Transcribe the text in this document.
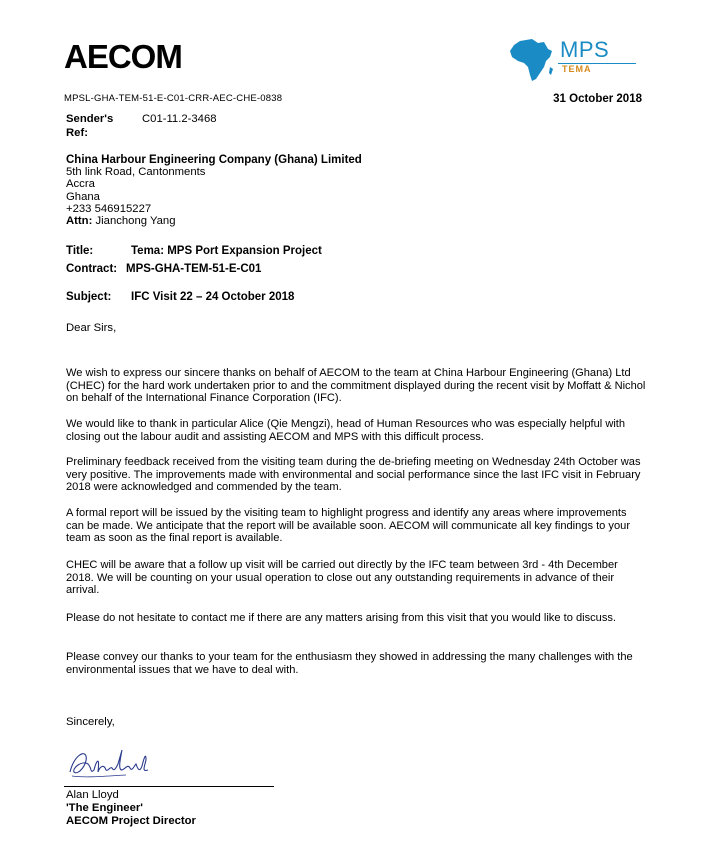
AECOM	MPS
TEMA
MPSL-GHA-TEM-51-E-C01-CRR-AEC-CHE-0838	31 October 2018
Sender's Ref:
C01-11.2-3468
China Harbour Engineering Company (Ghana) Limited
5th link Road, Cantonments
Accra
Ghana
+233 546915227
Attn: Jianchong Yang
Title:	Tema: MPS Port Expansion Project
Contract: MPS-GHA-TEM-51-E-C01
Subject: IFC Visit 22 – 24 October 2018
Dear Sirs,
We wish to express our sincere thanks on behalf of AECOM to the team at China Harbour Engineering (Ghana) Ltd (CHEC) for the hard work undertaken prior to and the commitment displayed during the recent visit by Moffatt & Nichol on behalf of the International Finance Corporation (IFC).
We would like to thank in particular Alice (Qie Mengzi), head of Human Resources who was especially helpful with closing out the labour audit and assisting AECOM and MPS with this difficult process.
Preliminary feedback received from the visiting team during the de-briefing meeting on Wednesday 24th October was very positive. The improvements made with environmental and social performance since the last IFC visit in February 2018 were acknowledged and commended by the team.
A formal report will be issued by the visiting team to highlight progress and identify any areas where improvements can be made. We anticipate that the report will be available soon. AECOM will communicate all key findings to your team as soon as the final report is available.
CHEC will be aware that a follow up visit will be carried out directly by the IFC team between 3rd - 4th December 2018. We will be counting on your usual operation to close out any outstanding requirements in advance of their arrival.
Please do not hesitate to contact me if there are any matters arising from this visit that you would like to discuss.
Please convey our thanks to your team for the enthusiasm they showed in addressing the many challenges with the environmental issues that we have to deal with.
Sincerely,
Alan Lloyd
'The Engineer'
AECOM Project Director
